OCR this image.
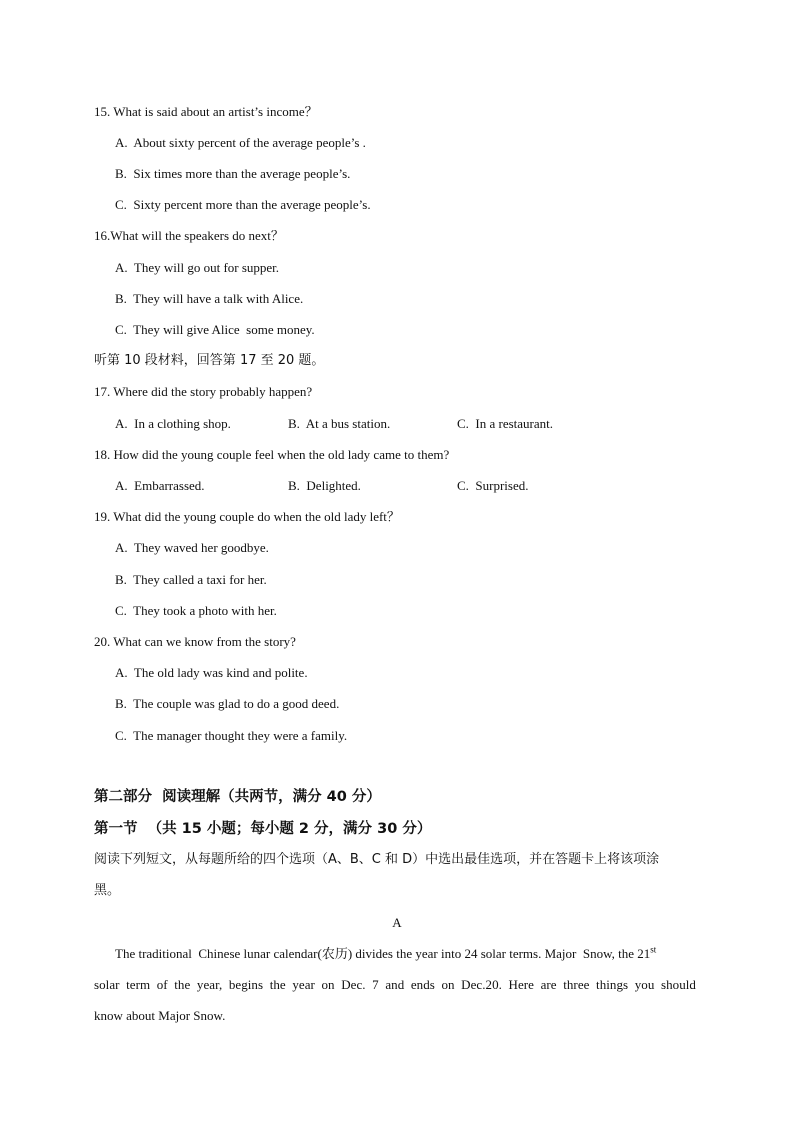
15. What is said about an artist’s income？
A.  About sixty percent of the average people’s .
B.  Six times more than the average people’s.
C.  Sixty percent more than the average people’s.
16.What will the speakers do next？
A.  They will go out for supper.
B.  They will have a talk with Alice.
C.  They will give Alice  some money.
听第 10 段材料，回答第 17 至 20 题。
17. Where did the story probably happen?
A.  In a clothing shop.	B.  At a bus station.	C.  In a restaurant.
18. How did the young couple feel when the old lady came to them?
A.  Embarrassed.	B.  Delighted.	C.  Surprised.
19. What did the young couple do when the old lady left？
A.  They waved her goodbye.
B.  They called a taxi for her.
C.  They took a photo with her.
20. What can we know from the story?
A.  The old lady was kind and polite.
B.  The couple was glad to do a good deed.
C.  The manager thought they were a family.
第二部分  阅读理解（共两节，满分 40 分）
第一节  （共 15 小题；每小题 2 分，满分 30 分）
阅读下列短文，从每题所给的四个选项（A、B、C 和 D）中选出最佳选项，并在答题卡上将该项涂
黑。
A
The traditional  Chinese lunar calendar(农历) divides the year into 24 solar terms. Major  Snow, the 21st
solar  term  of  the  year,  begins  the  year  on  Dec.  7  and  ends  on  Dec.20.  Here  are  three  things  you  should
know about Major Snow.
